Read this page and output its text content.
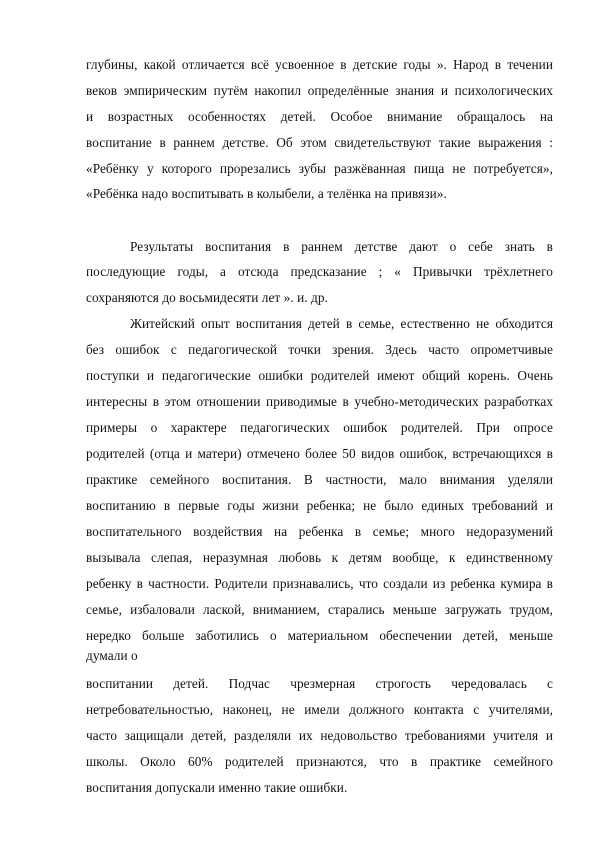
глубины, какой отличается всё усвоенное в детские годы ». Народ в течении
веков эмпирическим путём накопил определённые знания и психологических
и возрастных особенностях детей. Особое внимание обращалось на
воспитание в раннем детстве. Об этом свидетельствуют такие выражения :
«Ребёнку у которого прорезались зубы разжёванная пища не потребуется»,
«Ребёнка надо воспитывать в колыбели, а телёнка на привязи».
Результаты воспитания в раннем детстве дают о себе знать в
последующие годы, а отсюда предсказание ; « Привычки трёхлетнего
сохраняются до восьмидесяти лет ». и. др.
Житейский опыт воспитания детей в семье, естественно не обходится
без ошибок с педагогической точки зрения. Здесь часто опрометчивые
поступки и педагогические ошибки родителей имеют общий корень. Очень
интересны в этом отношении приводимые в учебно-методических разработках
примеры о характере педагогических ошибок родителей. При опросе
родителей (отца и матери) отмечено более 50 видов ошибок, встречающихся в
практике семейного воспитания. В частности, мало внимания уделяли
воспитанию в первые годы жизни ребенка; не было единых требований и
воспитательного воздействия на ребенка в семье; много недоразумений
вызывала слепая, неразумная любовь к детям вообще, к единственному
ребенку в частности. Родители признавались, что создали из ребенка кумира в
семье, избаловали лаской, вниманием, старались меньше загружать трудом,
нередко больше заботились о материальном обеспечении детей, меньше
думали о
воспитании детей. Подчас чрезмерная строгость чередовалась с
нетребовательностью, наконец, не имели должного контакта с учителями,
часто защищали детей, разделяли их недовольство требованиями учителя и
школы. Около 60% родителей признаются, что в практике семейного
воспитания допускали именно такие ошибки.
